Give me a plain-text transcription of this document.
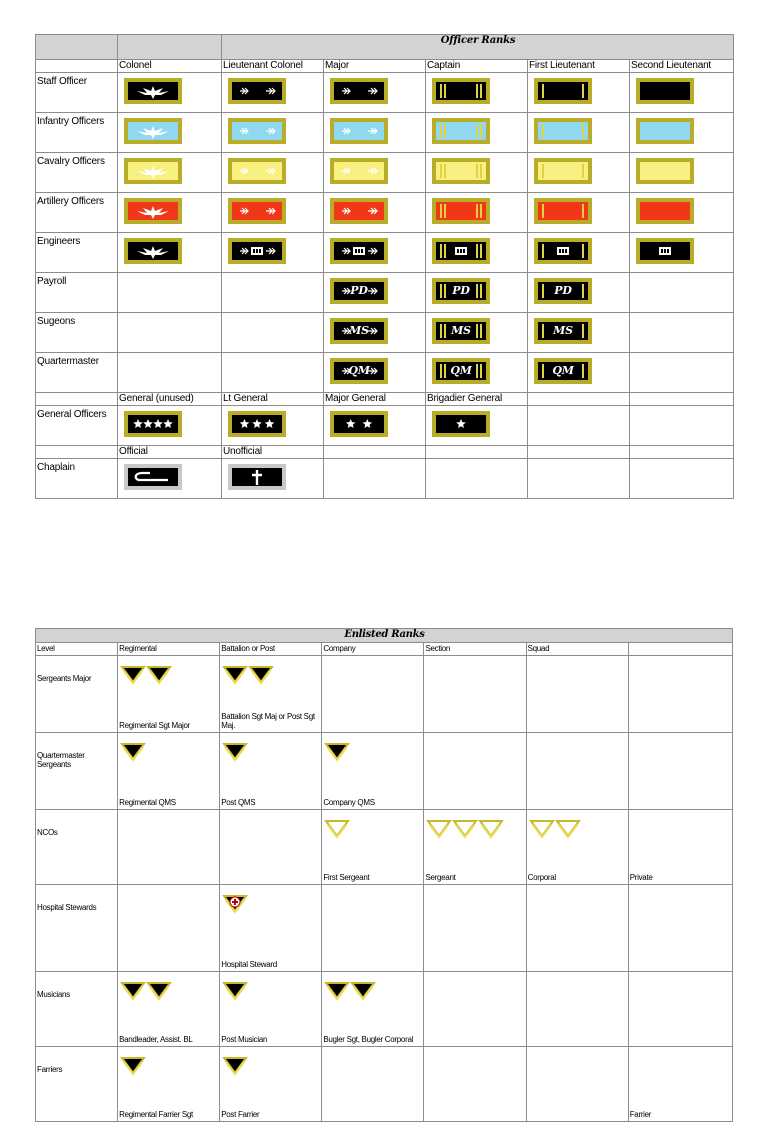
		Officer Ranks				
	Colonel	Lieutenant Colonel	Major	Captain	First Lieutenant	Second Lieutenant
Staff Officer	

Infantry Officers	

Cavalry Officers	

Artillery Officers	

Engineers	

Payroll			PD	PD	PD	

Sugeons			MS	MS	MS	

Quartermaster			QM	QM	QM	

	General (unused)	Lt General	Major General	Brigadier General		
General Officers	

	Official	Unofficial				
Chaplain	

Enlisted Ranks						
Level	Regimental	Battalion or Post	Company	Section	Squad	
Sergeants Major	Regimental Sgt Major	Battalion Sgt Maj or Post Sgt Maj.				

Quartermaster Sergeants	Regimental QMS	Post QMS	Company QMS			

NCOs			First Sergeant	Sergeant	Corporal	Private

Hospital Stewards		Hospital Steward				

Musicians	Bandleader, Assist. BL	Post Musician	Bugler Sgt, Bugler Corporal			

Farriers	Regimental Farrier Sgt	Post Farrier				Farrier
